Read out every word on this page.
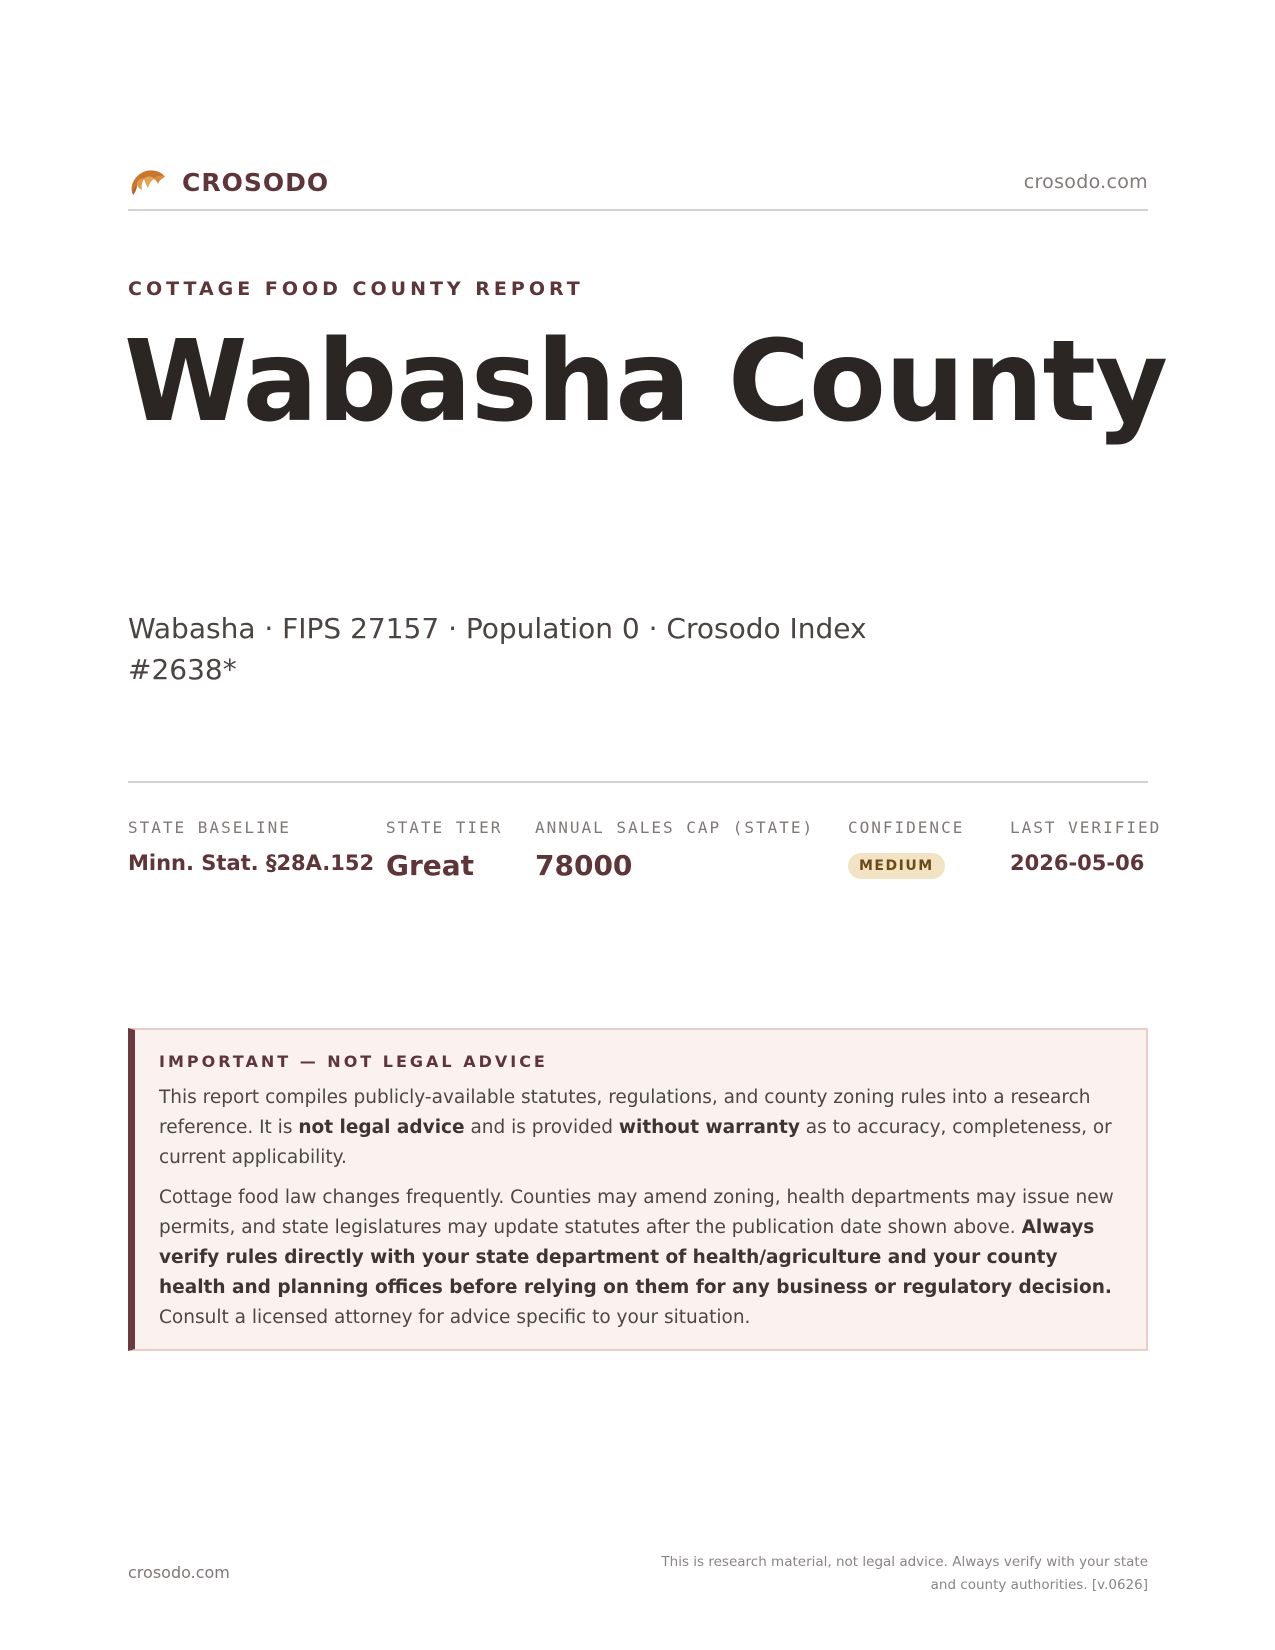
CROSODO	crosodo.com
COTTAGE FOOD COUNTY REPORT
Wabasha County
Wabasha · FIPS 27157 · Population 0 · Crosodo Index #2638*
STATE BASELINE
Minn. Stat. §28A.152
STATE TIER
Great
ANNUAL SALES CAP (STATE)
78000
CONFIDENCE
MEDIUM
LAST VERIFIED
2026-05-06
IMPORTANT — NOT LEGAL ADVICE

This report compiles publicly-available statutes, regulations, and county zoning rules into a research reference. It is not legal advice and is provided without warranty as to accuracy, completeness, or current applicability.

Cottage food law changes frequently. Counties may amend zoning, health departments may issue new permits, and state legislatures may update statutes after the publication date shown above. Always verify rules directly with your state department of health/agriculture and your county health and planning offices before relying on them for any business or regulatory decision. Consult a licensed attorney for advice specific to your situation.

crosodo.com
This is research material, not legal advice. Always verify with your state
and county authorities. [v.0626]
